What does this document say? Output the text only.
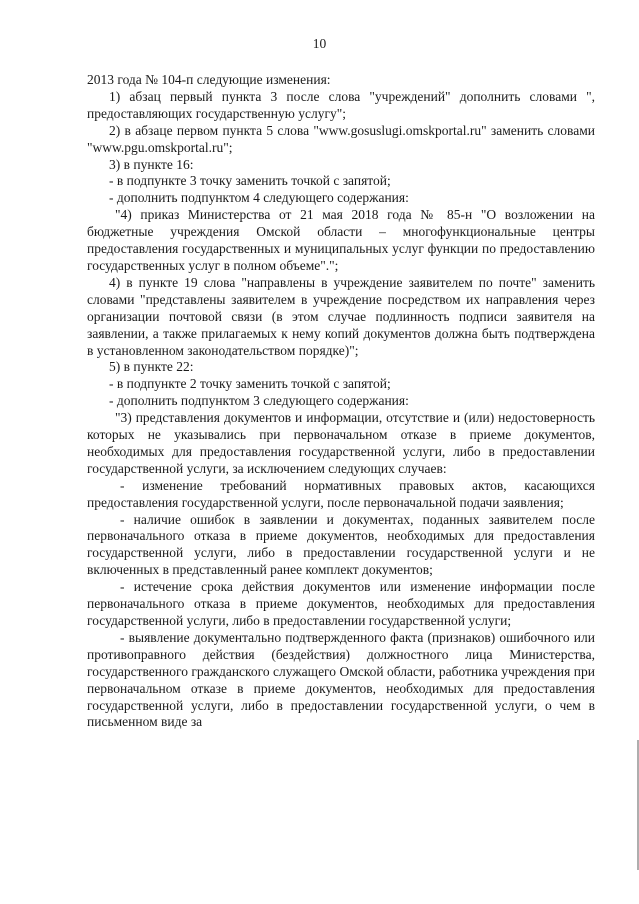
10

2013 года № 104-п следующие изменения:

1) абзац первый пункта 3 после слова "учреждений" дополнить словами ", предоставляющих государственную услугу";

2) в абзаце первом пункта 5 слова "www.gosuslugi.omskportal.ru" заменить словами "www.pgu.omskportal.ru";

3) в пункте 16:

- в подпункте 3 точку заменить точкой с запятой;

- дополнить подпунктом 4 следующего содержания:

"4) приказ Министерства от 21 мая 2018 года № 85-н "О возложении на бюджетные учреждения Омской области – многофункциональные центры предоставления государственных и муниципальных услуг функции по предоставлению государственных услуг в полном объеме".";

4) в пункте 19 слова "направлены в учреждение заявителем по почте" заменить словами "представлены заявителем в учреждение посредством их направления через организации почтовой связи (в этом случае подлинность подписи заявителя на заявлении, а также прилагаемых к нему копий документов должна быть подтверждена в установленном законодательством порядке)";

5) в пункте 22:

- в подпункте 2 точку заменить точкой с запятой;

- дополнить подпунктом 3 следующего содержания:

"3) представления документов и информации, отсутствие и (или) недостоверность которых не указывались при первоначальном отказе в приеме документов, необходимых для предоставления государственной услуги, либо в предоставлении государственной услуги, за исключением следующих случаев:

- изменение требований нормативных правовых актов, касающихся предоставления государственной услуги, после первоначальной подачи заявления;

- наличие ошибок в заявлении и документах, поданных заявителем после первоначального отказа в приеме документов, необходимых для предоставления государственной услуги, либо в предоставлении государственной услуги и не включенных в представленный ранее комплект документов;

- истечение срока действия документов или изменение информации после первоначального отказа в приеме документов, необходимых для предоставления государственной услуги, либо в предоставлении государственной услуги;

- выявление документально подтвержденного факта (признаков) ошибочного или противоправного действия (бездействия) должностного лица Министерства, государственного гражданского служащего Омской области, работника учреждения при первоначальном отказе в приеме документов, необходимых для предоставления государственной услуги, либо в предоставлении государственной услуги, о чем в письменном виде за
